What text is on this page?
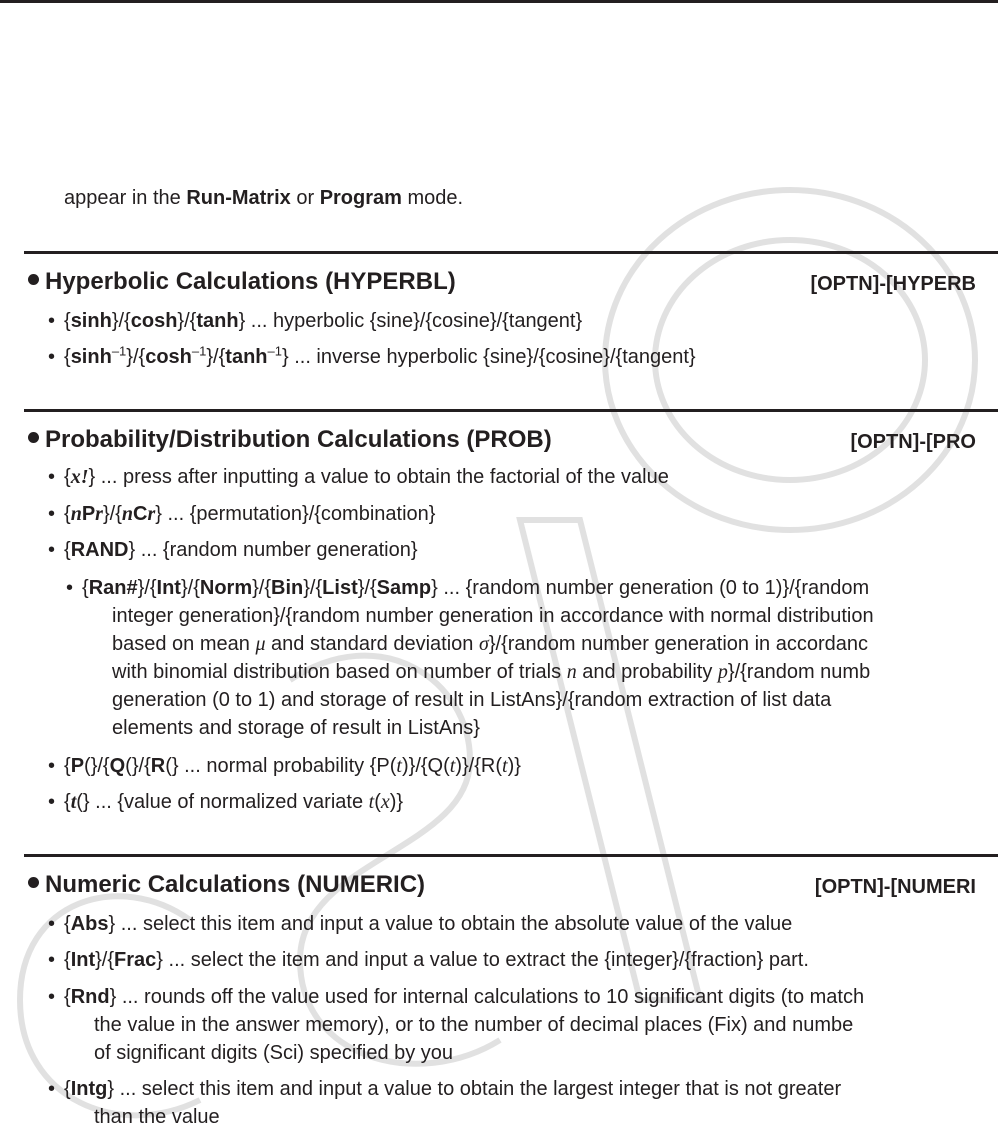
appear in the Run-Matrix or Program mode.
Hyperbolic Calculations (HYPERBL)	[OPTN]-[HYPERB
• {sinh}/{cosh}/{tanh} ... hyperbolic {sine}/{cosine}/{tangent}
• $\{\sinh^{-1}\}/\{\cosh^{-1}\}/\{\tanh^{-1}\}$ ... inverse hyperbolic {sine}/{cosine}/{tangent}
Probability/Distribution Calculations (PROB)	[OPTN]-[PRO
• {x!} ... press after inputting a value to obtain the factorial of the value
• {nPr}/{nCr} ... {permutation}/{combination}
• {RAND} ... {random number generation}
• {Ran#}/{Int}/{Norm}/{Bin}/{List}/{Samp} ... {random number generation (0 to 1)}/{random
integer generation}/{random number generation in accordance with normal distribution
based on mean μ and standard deviation σ}/{random number generation in accordanc
with binomial distribution based on number of trials n and probability p}/{random numb
generation (0 to 1) and storage of result in ListAns}/{random extraction of list data
elements and storage of result in ListAns}
• {P(}/{Q(}/{R(} ... normal probability {P(t)}/{Q(t)}/{R(t)}
• {t(} ... {value of normalized variate t(x)}
Numeric Calculations (NUMERIC)	[OPTN]-[NUMERI
• {Abs} ... select this item and input a value to obtain the absolute value of the value
• {Int}/{Frac} ... select the item and input a value to extract the {integer}/{fraction} part.
• {Rnd} ... rounds off the value used for internal calculations to 10 significant digits (to match
the value in the answer memory), or to the number of decimal places (Fix) and numbe
of significant digits (Sci) specified by you
• {Intg} ... select this item and input a value to obtain the largest integer that is not greater
than the value
